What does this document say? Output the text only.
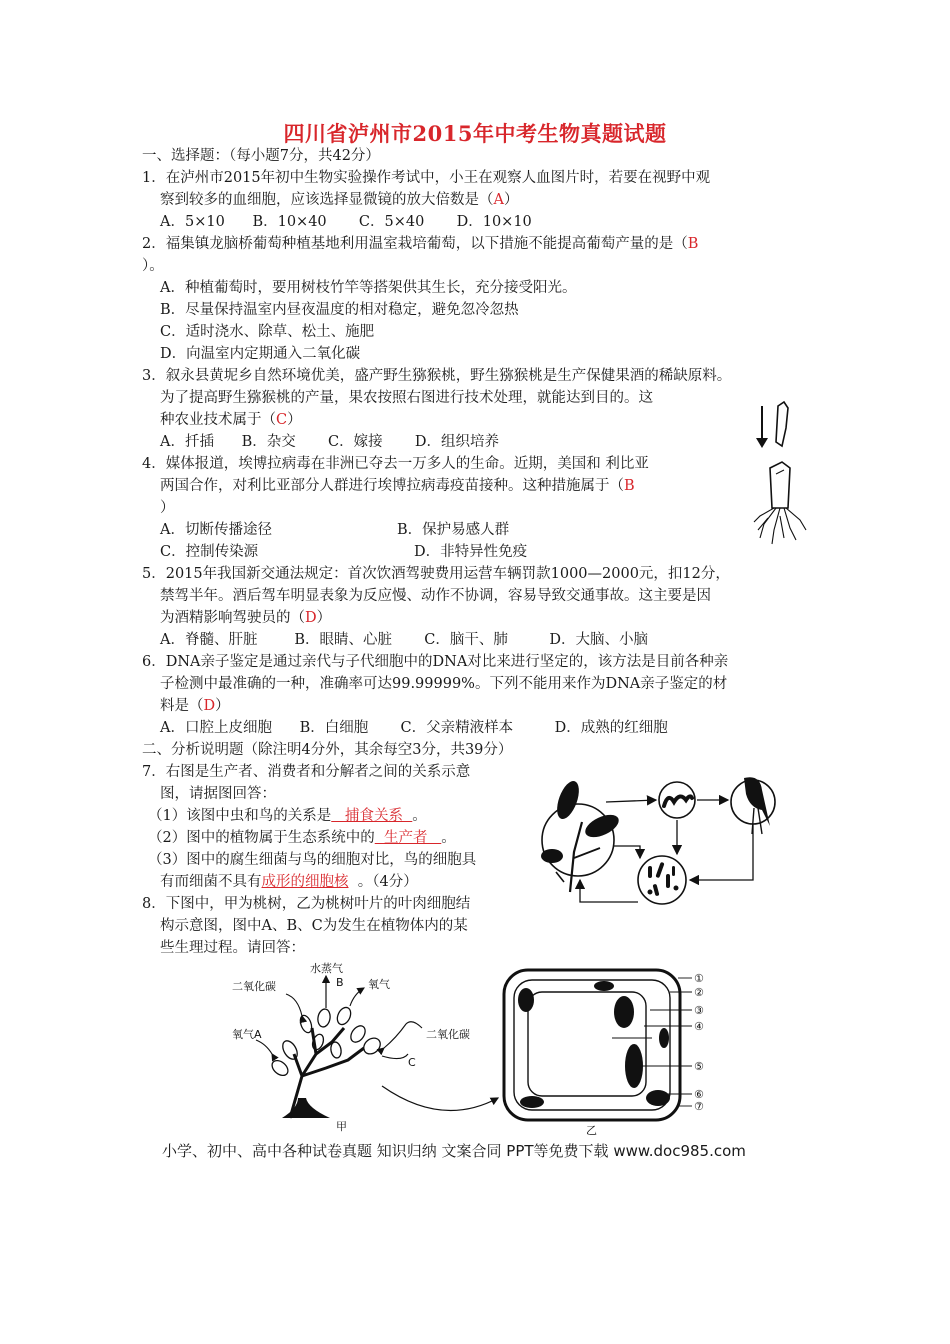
四川省泸州市2015年中考生物真题试题
一、选择题：（每小题7分，共42分）
1．在泸州市2015年初中生物实验操作考试中，小王在观察人血图片时，若要在视野中观
察到较多的血细胞，应该选择显微镜的放大倍数是（A）
A．5×10      B．10×40       C．5×40       D．10×10
2．福集镇龙脑桥葡萄种植基地利用温室栽培葡萄，以下措施不能提高葡萄产量的是（B
）。
A．种植葡萄时，要用树枝竹竿等搭架供其生长，充分接受阳光。
B．尽量保持温室内昼夜温度的相对稳定，避免忽冷忽热
C．适时浇水、除草、松土、施肥
D．向温室内定期通入二氧化碳
3．叙永县黄坭乡自然环境优美，盛产野生猕猴桃，野生猕猴桃是生产保健果酒的稀缺原料。
为了提高野生猕猴桃的产量，果农按照右图进行技术处理，就能达到目的。这
种农业技术属于（C）
A．扦插      B．杂交       C．嫁接       D．组织培养
4．媒体报道，埃博拉病毒在非洲已夺去一万多人的生命。近期，美国和 利比亚
两国合作，对利比亚部分人群进行埃博拉病毒疫苗接种。这种措施属于（B
）
A．切断传播途径	B．保护易感人群
C．控制传染源	D．非特异性免疫
5．2015年我国新交通法规定：首次饮酒驾驶费用运营车辆罚款1000—2000元，扣12分，
禁驾半年。酒后驾车明显表象为反应慢、动作不协调，容易导致交通事故。这主要是因
为酒精影响驾驶员的（D）
A．脊髓、肝脏        B．眼睛、心脏       C．脑干、肺         D．大脑、小脑
6．DNA亲子鉴定是通过亲代与子代细胞中的DNA对比来进行坚定的，该方法是目前各种亲
子检测中最准确的一种，准确率可达99.99999%。下列不能用来作为DNA亲子鉴定的材
料是（D）
A．口腔上皮细胞      B．白细胞       C．父亲精液样本         D．成熟的红细胞
二、分析说明题（除注明4分外，其余每空3分，共39分）
7．右图是生产者、消费者和分解者之间的关系示意
图，请据图回答：
（1）该图中虫和鸟的关系是   捕食关系  。
（2）图中的植物属于生态系统中的  生产者   。
（3）图中的腐生细菌与鸟的细胞对比，鸟的细胞具
有而细菌不具有成形的细胞核  。（4分）
8．下图中，甲为桃树，乙为桃树叶片的叶肉细胞结
构示意图，图中A、B、C为发生在植物体内的某
些生理过程。请回答：
水蒸气
B
二氧化碳	氧气
氧气A	二氧化碳
C
甲
①
②
③
④
⑤
⑥
⑦
乙
小学、初中、高中各种试卷真题 知识归纳 文案合同 PPT等免费下载 www.doc985.com
